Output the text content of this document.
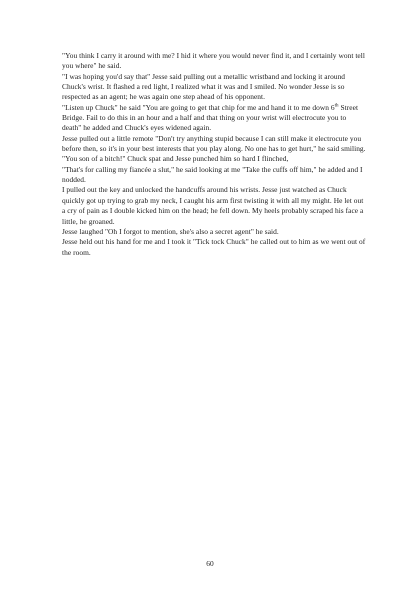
"You think I carry it around with me? I hid it where you would never find it, and I certainly wont tell you where" he said.

"I was hoping you'd say that" Jesse said pulling out a metallic wristband and locking it around Chuck's wrist. It flashed a red light, I realized what it was and I smiled. No wonder Jesse is so respected as an agent; he was again one step ahead of his opponent.

"Listen up Chuck" he said "You are going to get that chip for me and hand it to me down 6th Street Bridge. Fail to do this in an hour and a half and that thing on your wrist will electrocute you to death" he added and Chuck's eyes widened again.

Jesse pulled out a little remote "Don't try anything stupid because I can still make it electrocute you before then, so it's in your best interests that you play along. No one has to get hurt," he said smiling.

"You son of a bitch!" Chuck spat and Jesse punched him so hard I flinched,

"That's for calling my fiancée a slut," he said looking at me "Take the cuffs off him," he added and I nodded.

I pulled out the key and unlocked the handcuffs around his wrists. Jesse just watched as Chuck quickly got up trying to grab my neck, I caught his arm first twisting it with all my might. He let out a cry of pain as I double kicked him on the head; he fell down. My heels probably scraped his face a little, he groaned.

Jesse laughed "Oh I forgot to mention, she's also a secret agent" he said.

Jesse held out his hand for me and I took it "Tick tock Chuck" he called out to him as we went out of the room.

60
